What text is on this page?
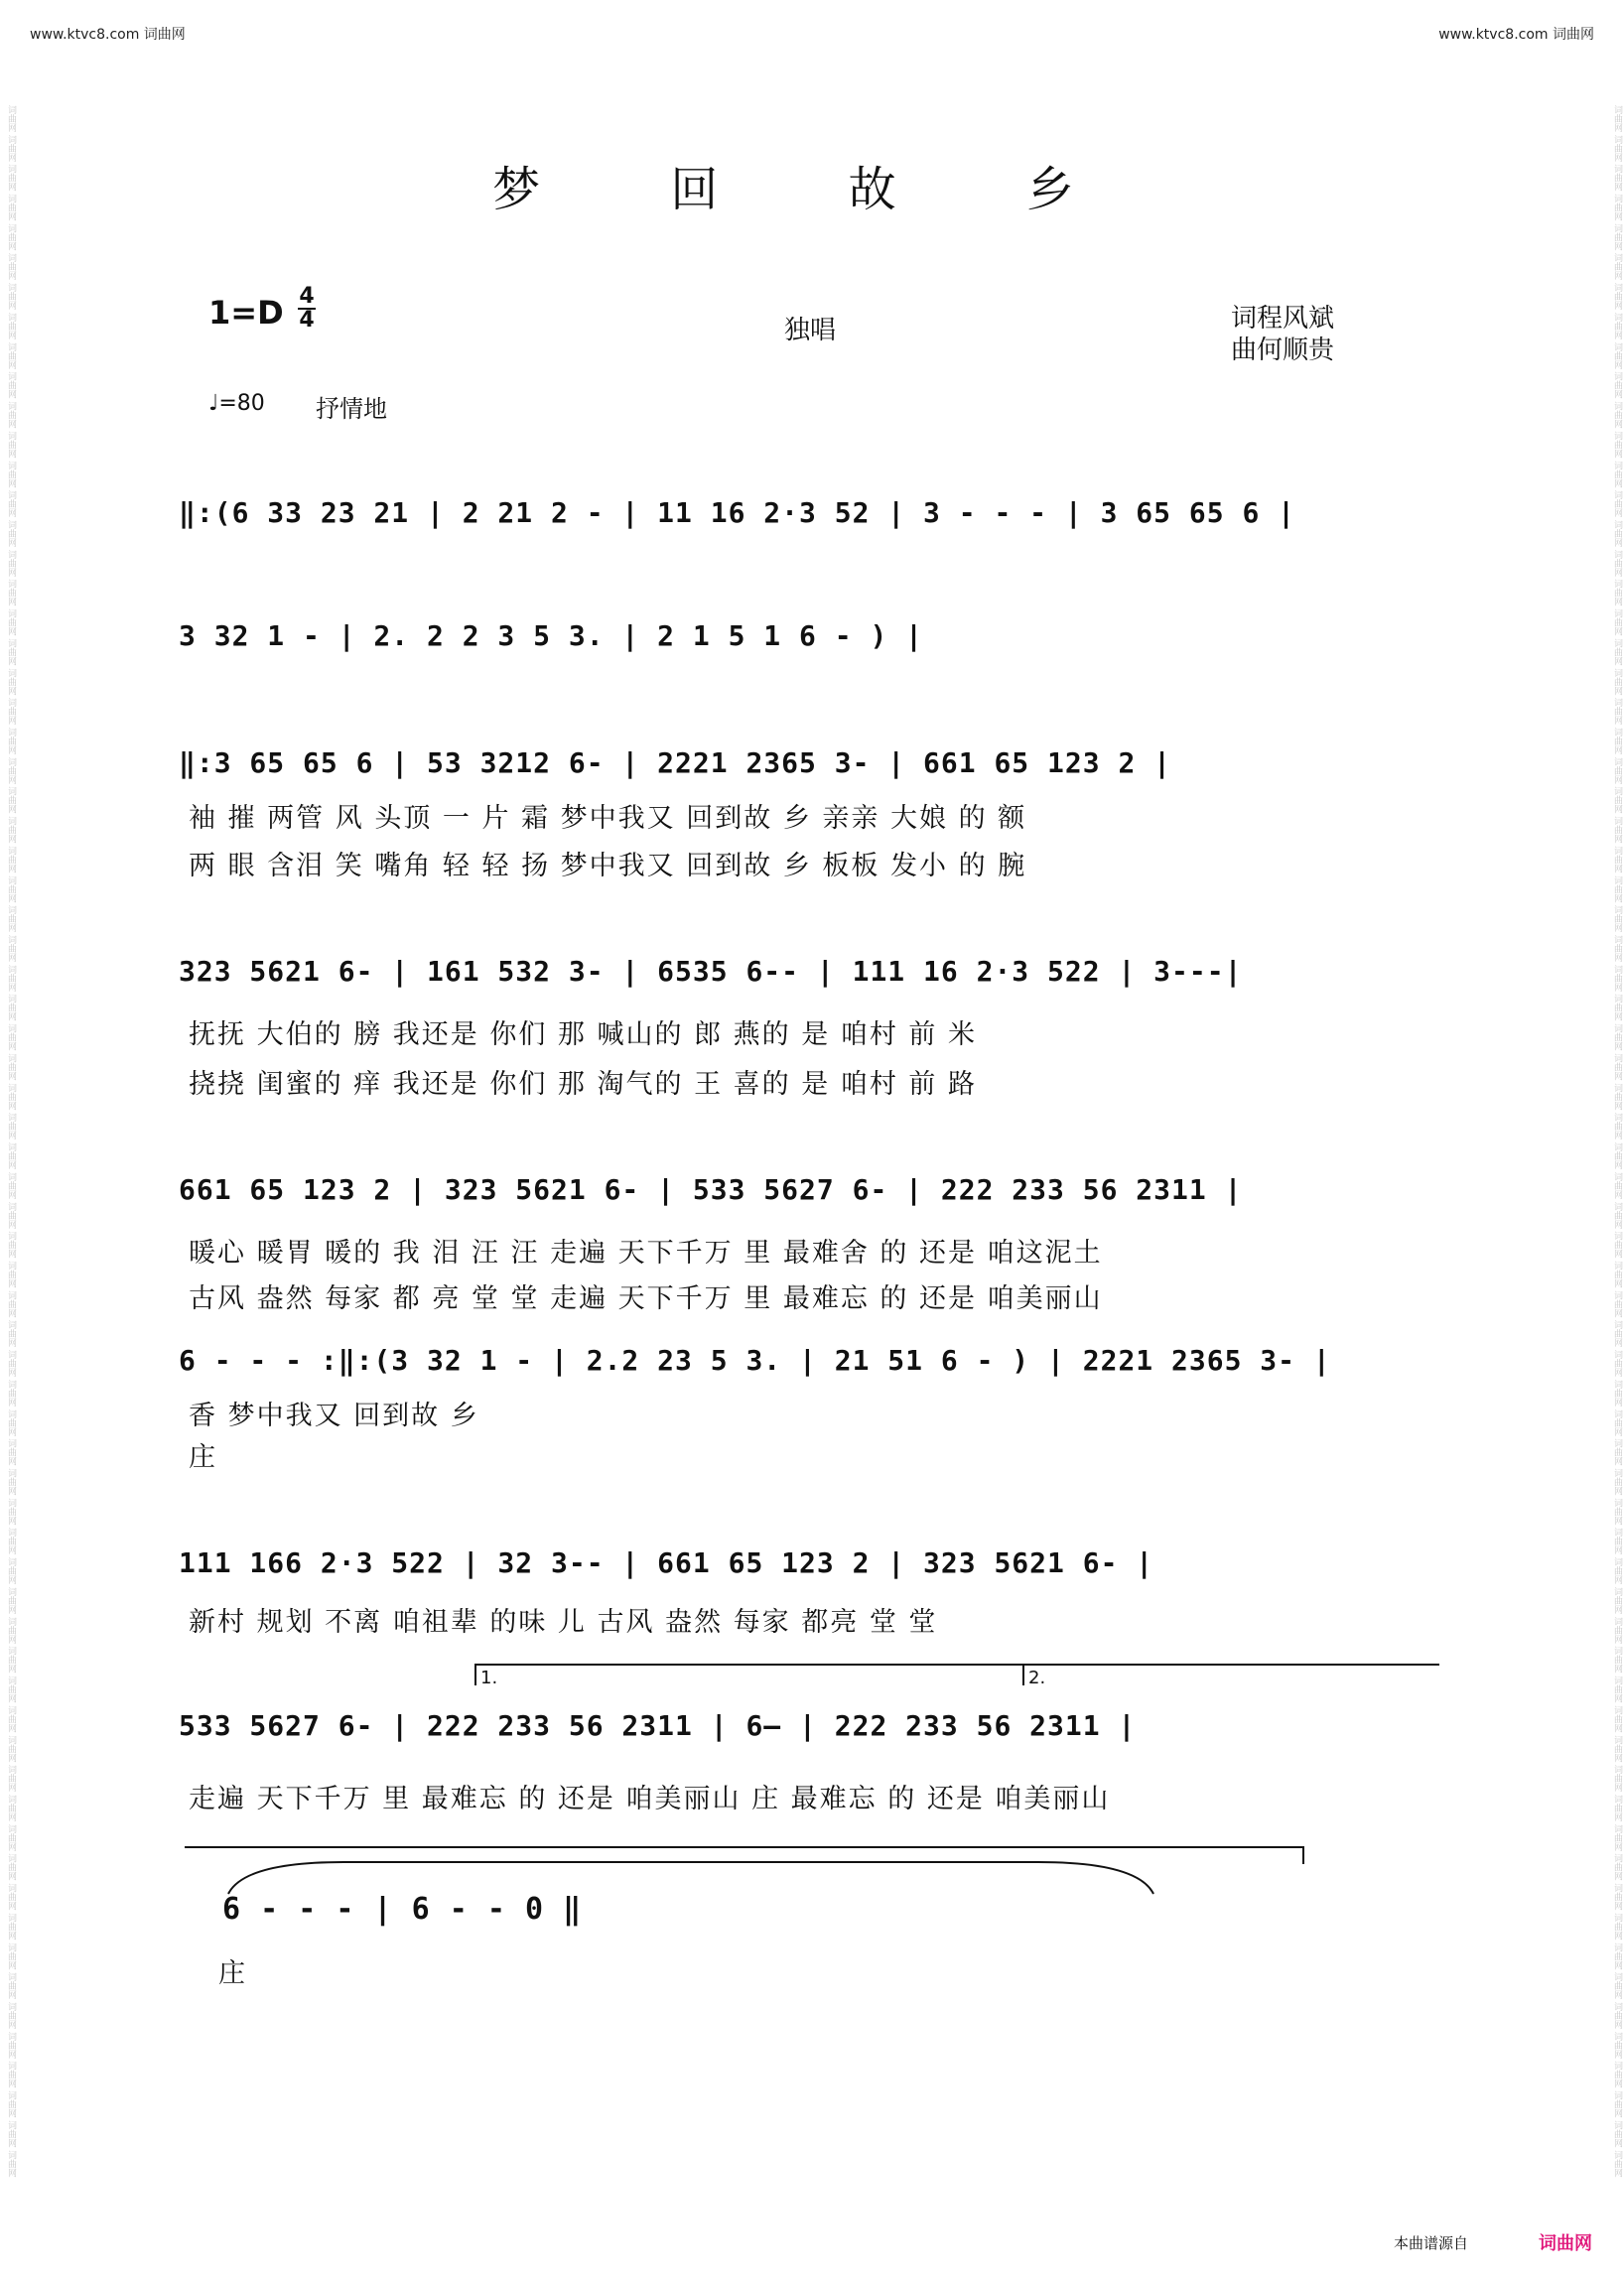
www.ktvc8.com 词曲网	www.ktvc8.com 词曲网
词曲网 词曲网 词曲网 词曲网 词曲网 词曲网 词曲网 词曲网 词曲网 词曲网 词曲网 词曲网 词曲网 词曲网 词曲网 词曲网 词曲网 词曲网 词曲网 词曲网 词曲网 词曲网 词曲网 词曲网 词曲网 词曲网 词曲网 词曲网 词曲网 词曲网 词曲网 词曲网 词曲网 词曲网 词曲网 词曲网 词曲网 词曲网 词曲网 词曲网 词曲网 词曲网 词曲网 词曲网 词曲网 词曲网 词曲网 词曲网 词曲网 词曲网 词曲网 词曲网 词曲网 词曲网 词曲网 词曲网 词曲网 词曲网 词曲网 词曲网 词曲网 词曲网 词曲网 词曲网 词曲网 词曲网 词曲网 词曲网 词曲网 词曲网	词曲网 词曲网 词曲网 词曲网 词曲网 词曲网 词曲网 词曲网 词曲网 词曲网 词曲网 词曲网 词曲网 词曲网 词曲网 词曲网 词曲网 词曲网 词曲网 词曲网 词曲网 词曲网 词曲网 词曲网 词曲网 词曲网 词曲网 词曲网 词曲网 词曲网 词曲网 词曲网 词曲网 词曲网 词曲网 词曲网 词曲网 词曲网 词曲网 词曲网 词曲网 词曲网 词曲网 词曲网 词曲网 词曲网 词曲网 词曲网 词曲网 词曲网 词曲网 词曲网 词曲网 词曲网 词曲网 词曲网 词曲网 词曲网 词曲网 词曲网 词曲网 词曲网 词曲网 词曲网 词曲网 词曲网 词曲网 词曲网 词曲网 词曲网
梦 回 故 乡
1=D 4
4	独唱	词程风斌
曲何顺贵
♩=80 抒情地
‖:(6 33 23 21 | 2 21 2 - | 11 16 2·3 52 | 3 - - - | 3 65 65 6 |
3 32 1 - | 2. 2 2 3 5 3. | 2 1 5 1 6 - ) |
‖:3 65 65 6 | 53 3212 6- | 2221 2365 3- | 661 65 123 2 |
袖 摧 两管 风 头顶 一 片 霜 梦中我又 回到故 乡 亲亲 大娘 的 额
两 眼 含泪 笑 嘴角 轻 轻 扬 梦中我又 回到故 乡 板板 发小 的 腕
323 5621 6- | 161 532 3- | 6535 6-- | 111 16 2·3 522 | 3---|
抚抚 大伯的 膀 我还是 你们 那 喊山的 郎 燕的 是 咱村 前 米
挠挠 闺蜜的 痒 我还是 你们 那 淘气的 王 喜的 是 咱村 前 路
661 65 123 2 | 323 5621 6- | 533 5627 6- | 222 233 56 2311 |
暖心 暖胃 暖的 我 泪 汪 汪 走遍 天下千万 里 最难舍 的 还是 咱这泥土
古风 盎然 每家 都 亮 堂 堂 走遍 天下千万 里 最难忘 的 还是 咱美丽山
6 - - - :‖:(3 32 1 - | 2.2 23 5 3. | 21 51 6 - ) | 2221 2365 3- |
香 梦中我又 回到故 乡
庄
111 166 2·3 522 | 32 3-- | 661 65 123 2 | 323 5621 6- |
新村 规划 不离 咱祖辈 的味 儿 古风 盎然 每家 都亮 堂 堂
1.	2.
533 5627 6- | 222 233 56 2311 | 6— | 222 233 56 2311 |
走遍 天下千万 里 最难忘 的 还是 咱美丽山 庄 最难忘 的 还是 咱美丽山
6 - - - | 6 - - 0 ‖
庄
本曲谱源自	词曲网
